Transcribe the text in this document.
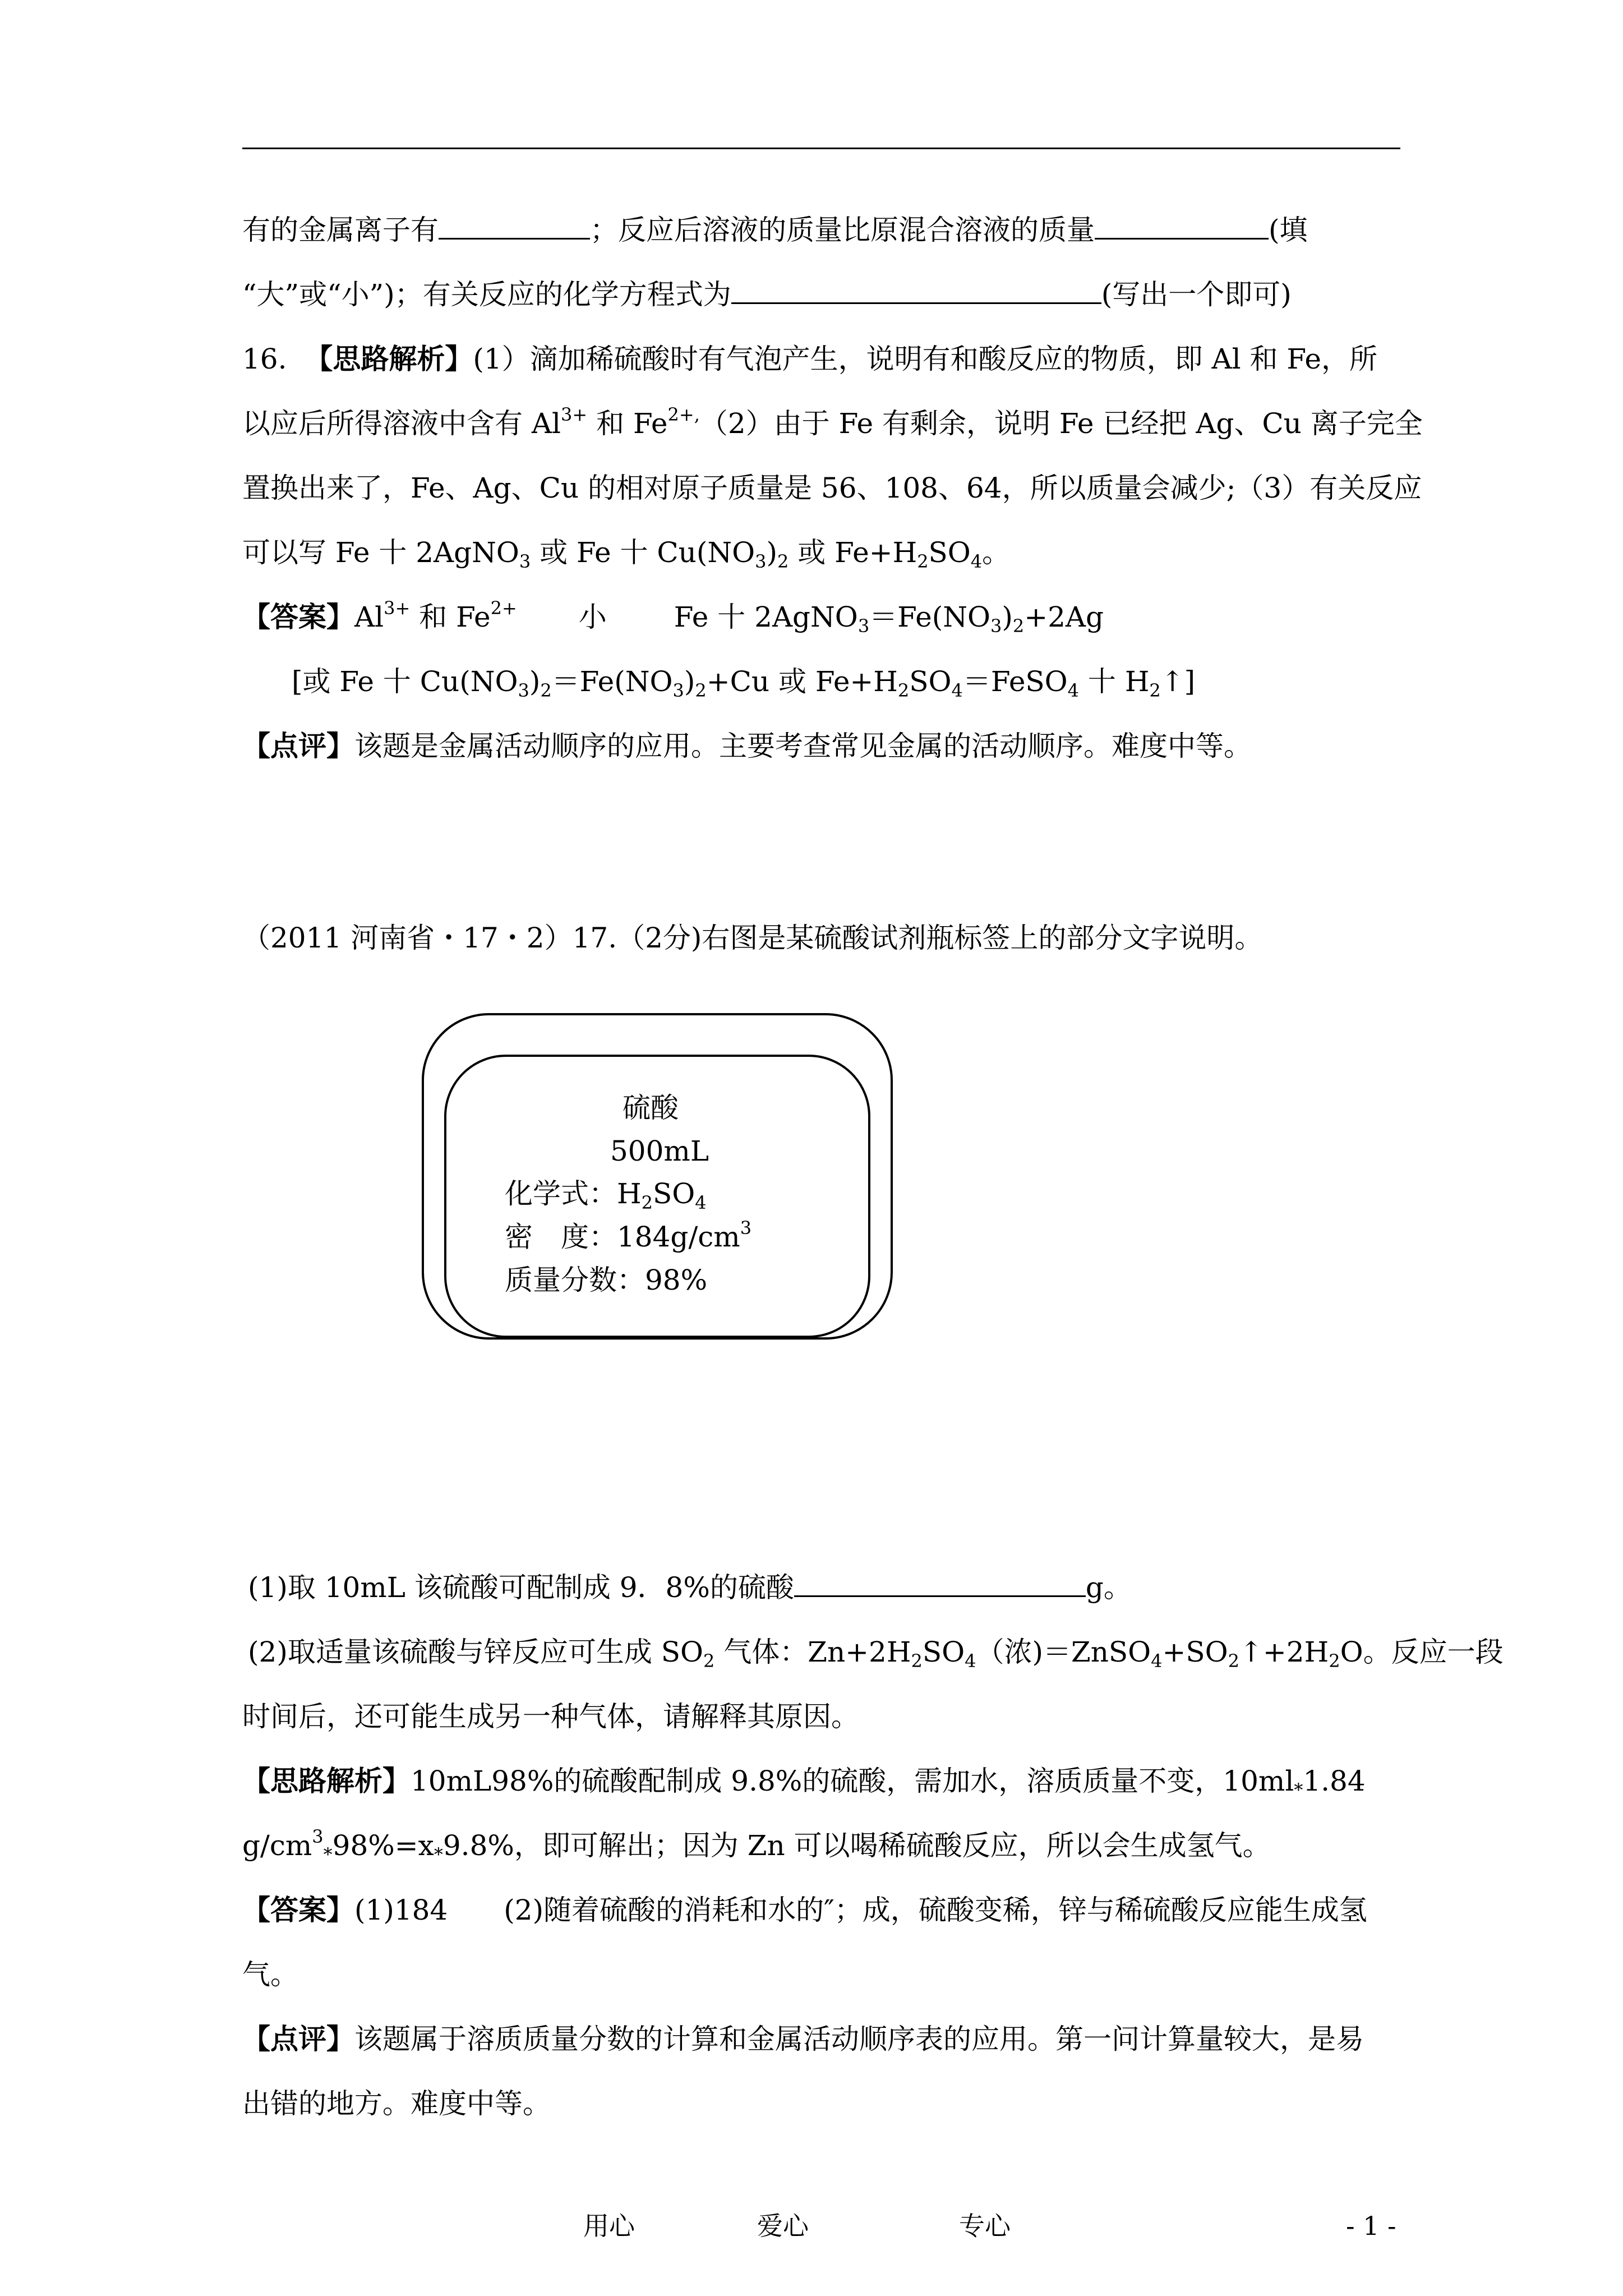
有的金属离子有	；反应后溶液的质量比原混合溶液的质量	(填
“大”或“小”)；有关反应的化学方程式为	(写出一个即可)
16. 【思路解析】(1）滴加稀硫酸时有气泡产生，说明有和酸反应的物质，即 Al 和 Fe，所
以应后所得溶液中含有 $Al^{3+}$ 和 $Fe^{2+,}(2)$由于 Fe 有剩余，说明 Fe 已经把 Ag、Cu 离子完全
置换出来了，Fe、Ag、Cu 的相对原子质量是 56、108、64，所以质量会减少;（3）有关反应
可以写 Fe 十 2AgNO$_3$ 或 Fe 十 $Cu(NO_3)_2$ 或 $Fe+H_2SO_4$。
【答案】$Al^{3+}$ 和 $Fe^{2+}$ 小 Fe 十 $2AgNO_3=Fe(NO_3)_2+2Ag$
[或 Fe 十 $Cu(NO_3)_2=Fe(NO_3)_2+Cu$ 或 $Fe+H_2SO_4=FeSO_4$ 十 $H_2↑$]
【点评】该题是金属活动顺序的应用。主要考查常见金属的活动顺序。难度中等。
（2011 河南省・17・2）17.（2分)右图是某硫酸试剂瓶标签上的部分文字说明。
硫酸
500mL
化学式：$H_2SO_4$
密　度：$184g/cm^3$
质量分数：98%
(1)取 10mL 该硫酸可配制成 9．8%的硫酸	g。
(2)取适量该硫酸与锌反应可生成 $SO_2$ 气体：$Zn+2H_2SO_4$（浓)$=ZnSO_4+SO_2↑+2H_2O$。反应一段
时间后，还可能生成另一种气体，请解释其原因。
【思路解析】10mL98%的硫酸配制成 9.8%的硫酸，需加水，溶质质量不变，$10ml_*1.84$
$g/cm^3_*98\%=x_*9.8\%$，即可解出；因为 Zn 可以喝稀硫酸反应，所以会生成氢气。
【答案】(1)184 (2)随着硫酸的消耗和水的″；成，硫酸变稀，锌与稀硫酸反应能生成氢
气。
【点评】该题属于溶质质量分数的计算和金属活动顺序表的应用。第一问计算量较大，是易
出错的地方。难度中等。
用心	爱心	专心	- 1 -
